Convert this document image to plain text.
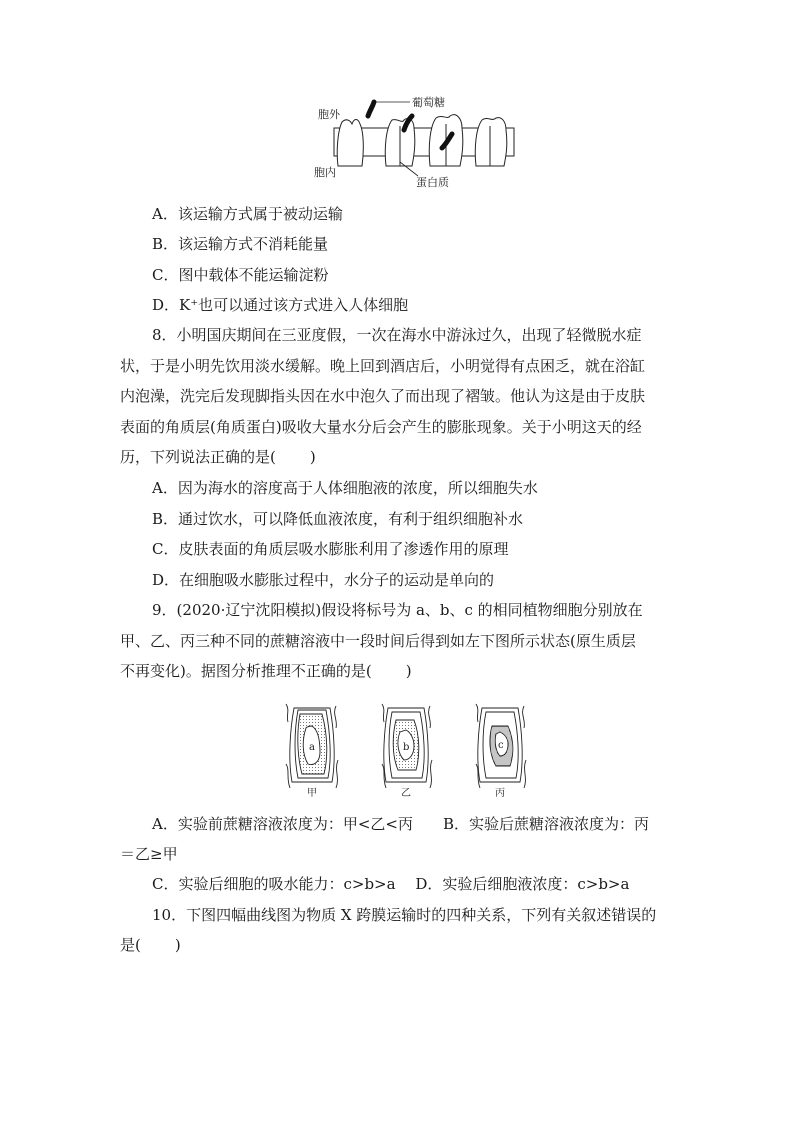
胞外
胞内
葡萄糖
蛋白质
A．该运输方式属于被动运输
B．该运输方式不消耗能量
C．图中载体不能运输淀粉
D．K⁺也可以通过该方式进入人体细胞
8．小明国庆期间在三亚度假，一次在海水中游泳过久，出现了轻微脱水症
状，于是小明先饮用淡水缓解。晚上回到酒店后，小明觉得有点困乏，就在浴缸
内泡澡，洗完后发现脚指头因在水中泡久了而出现了褶皱。他认为这是由于皮肤
表面的角质层(角质蛋白)吸收大量水分后会产生的膨胀现象。关于小明这天的经
历，下列说法正确的是( )
A．因为海水的溶度高于人体细胞液的浓度，所以细胞失水
B．通过饮水，可以降低血液浓度，有利于组织细胞补水
C．皮肤表面的角质层吸水膨胀利用了渗透作用的原理
D．在细胞吸水膨胀过程中，水分子的运动是单向的
9．(2020·辽宁沈阳模拟)假设将标号为 a、b、c 的相同植物细胞分别放在
甲、乙、丙三种不同的蔗糖溶液中一段时间后得到如左下图所示状态(原生质层
不再变化)。据图分析推理不正确的是( )
a
甲
b
乙
c
丙
A．实验前蔗糖溶液浓度为：甲<乙<丙　　B．实验后蔗糖溶液浓度为：丙
＝乙≥甲
C．实验后细胞的吸水能力：c>b>a　 D．实验后细胞液浓度：c>b>a
10．下图四幅曲线图为物质 X 跨膜运输时的四种关系，下列有关叙述错误的
是( )
